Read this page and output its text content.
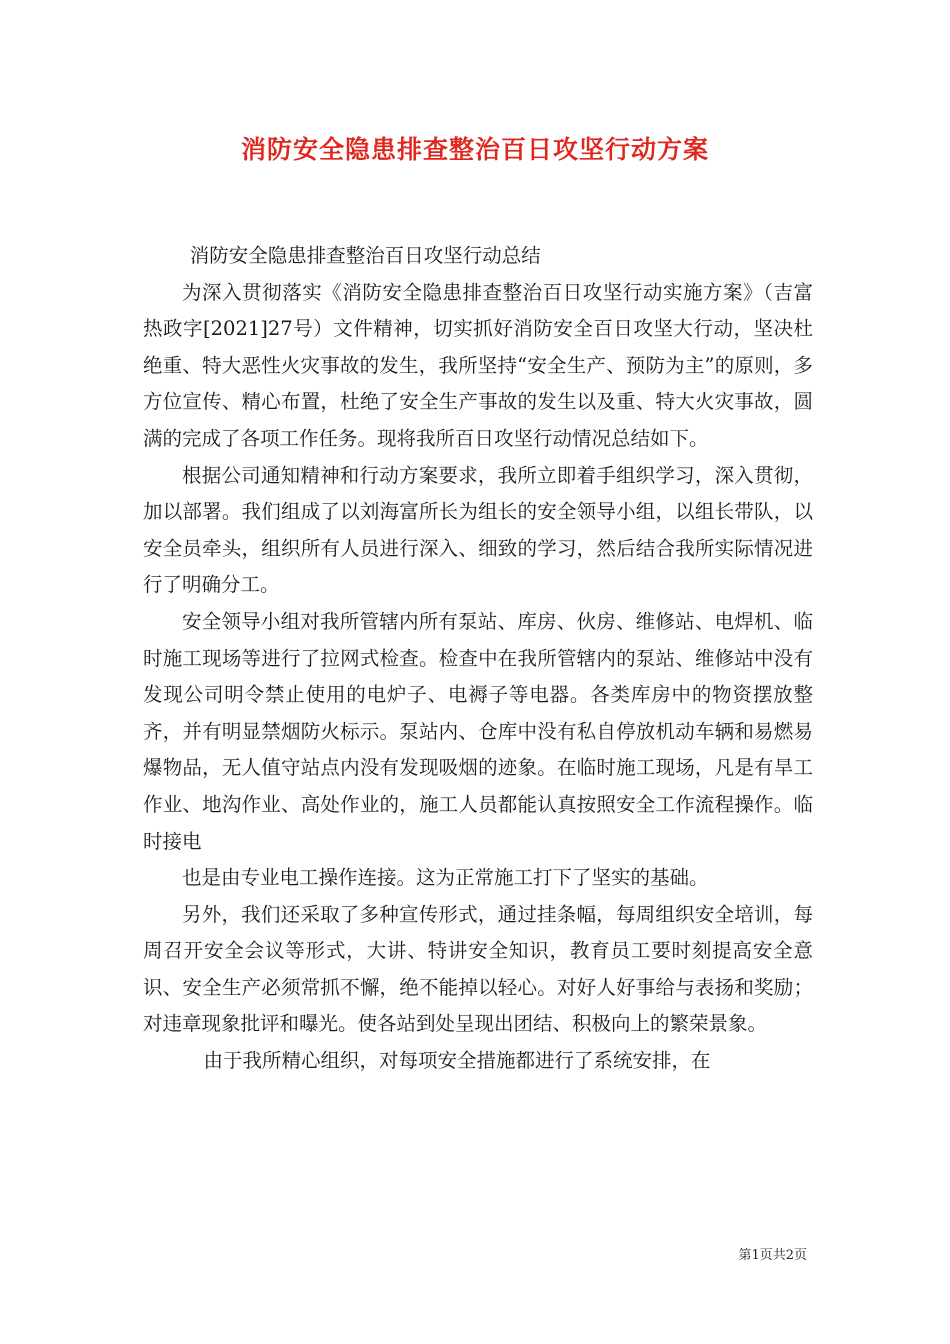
消防安全隐患排查整治百日攻坚行动方案

消防安全隐患排查整治百日攻坚行动总结

为深入贯彻落实《消防安全隐患排查整治百日攻坚行动实施方案》（吉富热政字[2021]27号）文件精神，切实抓好消防安全百日攻坚大行动，坚决杜绝重、特大恶性火灾事故的发生，我所坚持“安全生产、预防为主”的原则，多方位宣传、精心布置，杜绝了安全生产事故的发生以及重、特大火灾事故，圆满的完成了各项工作任务。现将我所百日攻坚行动情况总结如下。

根据公司通知精神和行动方案要求，我所立即着手组织学习，深入贯彻，加以部署。我们组成了以刘海富所长为组长的安全领导小组，以组长带队，以安全员牵头，组织所有人员进行深入、细致的学习，然后结合我所实际情况进行了明确分工。

安全领导小组对我所管辖内所有泵站、库房、伙房、维修站、电焊机、临时施工现场等进行了拉网式检查。检查中在我所管辖内的泵站、维修站中没有发现公司明令禁止使用的电炉子、电褥子等电器。各类库房中的物资摆放整齐，并有明显禁烟防火标示。泵站内、仓库中没有私自停放机动车辆和易燃易爆物品，无人值守站点内没有发现吸烟的迹象。在临时施工现场，凡是有旱工作业、地沟作业、高处作业的，施工人员都能认真按照安全工作流程操作。临时接电

也是由专业电工操作连接。这为正常施工打下了坚实的基础。

另外，我们还采取了多种宣传形式，通过挂条幅，每周组织安全培训，每周召开安全会议等形式，大讲、特讲安全知识，教育员工要时刻提高安全意识、安全生产必须常抓不懈，绝不能掉以轻心。对好人好事给与表扬和奖励；对违章现象批评和曝光。使各站到处呈现出团结、积极向上的繁荣景象。

由于我所精心组织，对每项安全措施都进行了系统安排，在

第1页共2页
